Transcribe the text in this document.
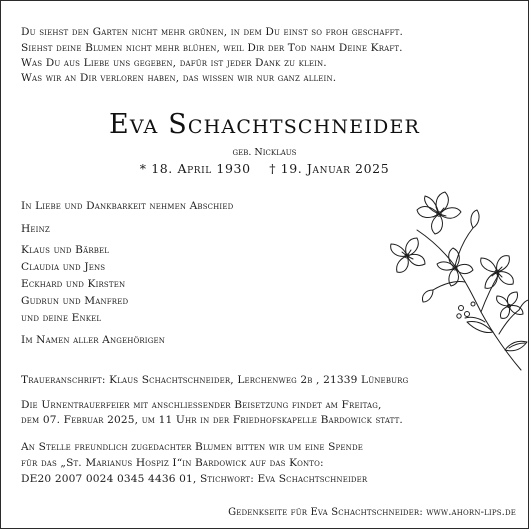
Du siehst den Garten nicht mehr grünen, in dem Du einst so froh geschafft.
Siehst deine Blumen nicht mehr blühen, weil Dir der Tod nahm Deine Kraft.
Was Du aus Liebe uns gegeben, dafür ist jeder Dank zu klein.
Was wir an Dir verloren haben, das wissen wir nur ganz allein.
Eva Schachtschneider
geb. Nicklaus
* 18. April 1930 † 19. Januar 2025
In Liebe und Dankbarkeit nehmen Abschied
Heinz
Klaus und Bärbel
Claudia und Jens
Eckhard und Kirsten
Gudrun und Manfred
und deine Enkel
Im Namen aller Angehörigen
Traueranschrift: Klaus Schachtschneider, Lerchenweg 2b , 21339 Lüneburg
Die Urnentrauerfeier mit anschliessender Beisetzung findet am Freitag,
dem 07. Februar 2025, um 11 Uhr in der Friedhofskapelle Bardowick statt.
An Stelle freundlich zugedachter Blumen bitten wir um eine Spende
für das „St. Marianus Hospiz I“in Bardowick auf das Konto:
DE20 2007 0024 0345 4436 01, Stichwort: Eva Schachtschneider
Gedenkseite für Eva Schachtschneider: www.ahorn-lips.de
